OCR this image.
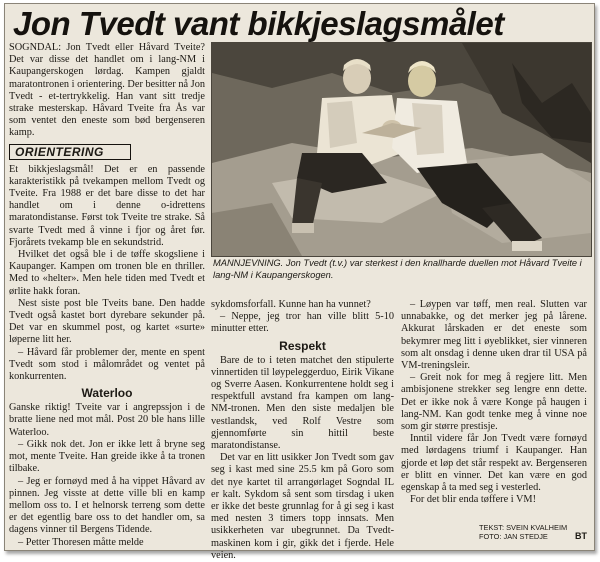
Jon Tvedt vant bikkjeslagsmålet

SOGNDAL: Jon Tvedt eller Håvard Tveite? Det var disse det handlet om i lang-NM i Kaupangerskogen lørdag. Kampen gjaldt maratontronen i orientering. Der besitter nå Jon Tvedt - et-tertrykkelig. Han vant sitt tredje strake mesterskap. Håvard Tveite fra Ås var som ventet den eneste som bød bergenseren kamp.

ORIENTERING

Et bikkjeslagsmål! Det er en passende karakteristikk på tvekampen mellom Tvedt og Tveite. Fra 1988 er det bare disse to det har handlet om i denne o-idrettens maratondistanse. Først tok Tveite tre strake. Så svarte Tvedt med å vinne i fjor og året før. Fjorårets tvekamp ble en sekundstrid.

Hvilket det også ble i de tøffe skogsliene i Kaupanger. Kampen om tronen ble en thriller. Med to «helter». Men hele tiden med Tvedt et ørlite hakk foran.

Nest siste post ble Tveits bane. Den hadde Tvedt også kastet bort dyrebare sekunder på. Det var en skummel post, og kartet «surte» løperne litt her.

– Håvard får problemer der, mente en spent Tvedt som stod i målområdet og ventet på konkurrenten.

Waterloo

Ganske riktig! Tveite var i angrepssjon i de bratte liene ned mot mål. Post 20 ble hans lille Waterloo.

– Gikk nok det. Jon er ikke lett å bryne seg mot, mente Tveite. Han greide ikke å ta tronen tilbake.

– Jeg er fornøyd med å ha vippet Håvard av pinnen. Jeg visste at dette ville bli en kamp mellom oss to. I et helnorsk terreng som dette er det egentlig bare oss to det handler om, sa dagens vinner til Bergens Tidende.

– Petter Thoresen måtte melde

MANNJEVNING. Jon Tvedt (t.v.) var sterkest i den knallharde duellen mot Håvard Tveite i lang-NM i Kaupangerskogen.

sykdomsforfall. Kunne han ha vunnet?

– Neppe, jeg tror han ville blitt 5-10 minutter etter.

Respekt

Bare de to i teten matchet den stipulerte vinnertiden til løypeleggerduo, Eirik Vikane og Sverre Aasen. Konkurrentene holdt seg i respektfull avstand fra kampen om lang-NM-tronen. Men den siste medaljen ble vestlandsk, ved Rolf Vestre som gjennomførte sin hittil beste maratondistanse.

Det var en litt usikker Jon Tvedt som gav seg i kast med sine 25.5 km på Goro som det nye kartet til arrangørlaget Sogndal IL er kalt. Sykdom så sent som tirsdag i uken er ikke det beste grunnlag for å gi seg i kast med nesten 3 timers topp innsats. Men usikkerheten var ubegrunnet. Da Tvedt-maskinen kom i gir, gikk det i fjerde. Hele veien.

– Løypen var tøff, men real. Slutten var unnabakke, og det merker jeg på lårene. Akkurat lårskaden er det eneste som bekymrer meg litt i øyeblikket, sier vinneren som alt onsdag i denne uken drar til USA på VM-treningsleir.

– Greit nok for meg å regjere litt. Men ambisjonene strekker seg lengre enn dette. Det er ikke nok å være Konge på haugen i lang-NM. Kan godt tenke meg å vinne noe som gir større prestisje.

Inntil videre får Jon Tvedt være fornøyd med lørdagens triumf i Kaupanger. Han gjorde et løp det står respekt av. Bergenseren er blitt en vinner. Det kan være en god egenskap å ta med seg i vesterled.

For det blir enda tøffere i VM!

TEKST: SVEIN KVALHEIM
FOTO: JAN STEDJE	BT
